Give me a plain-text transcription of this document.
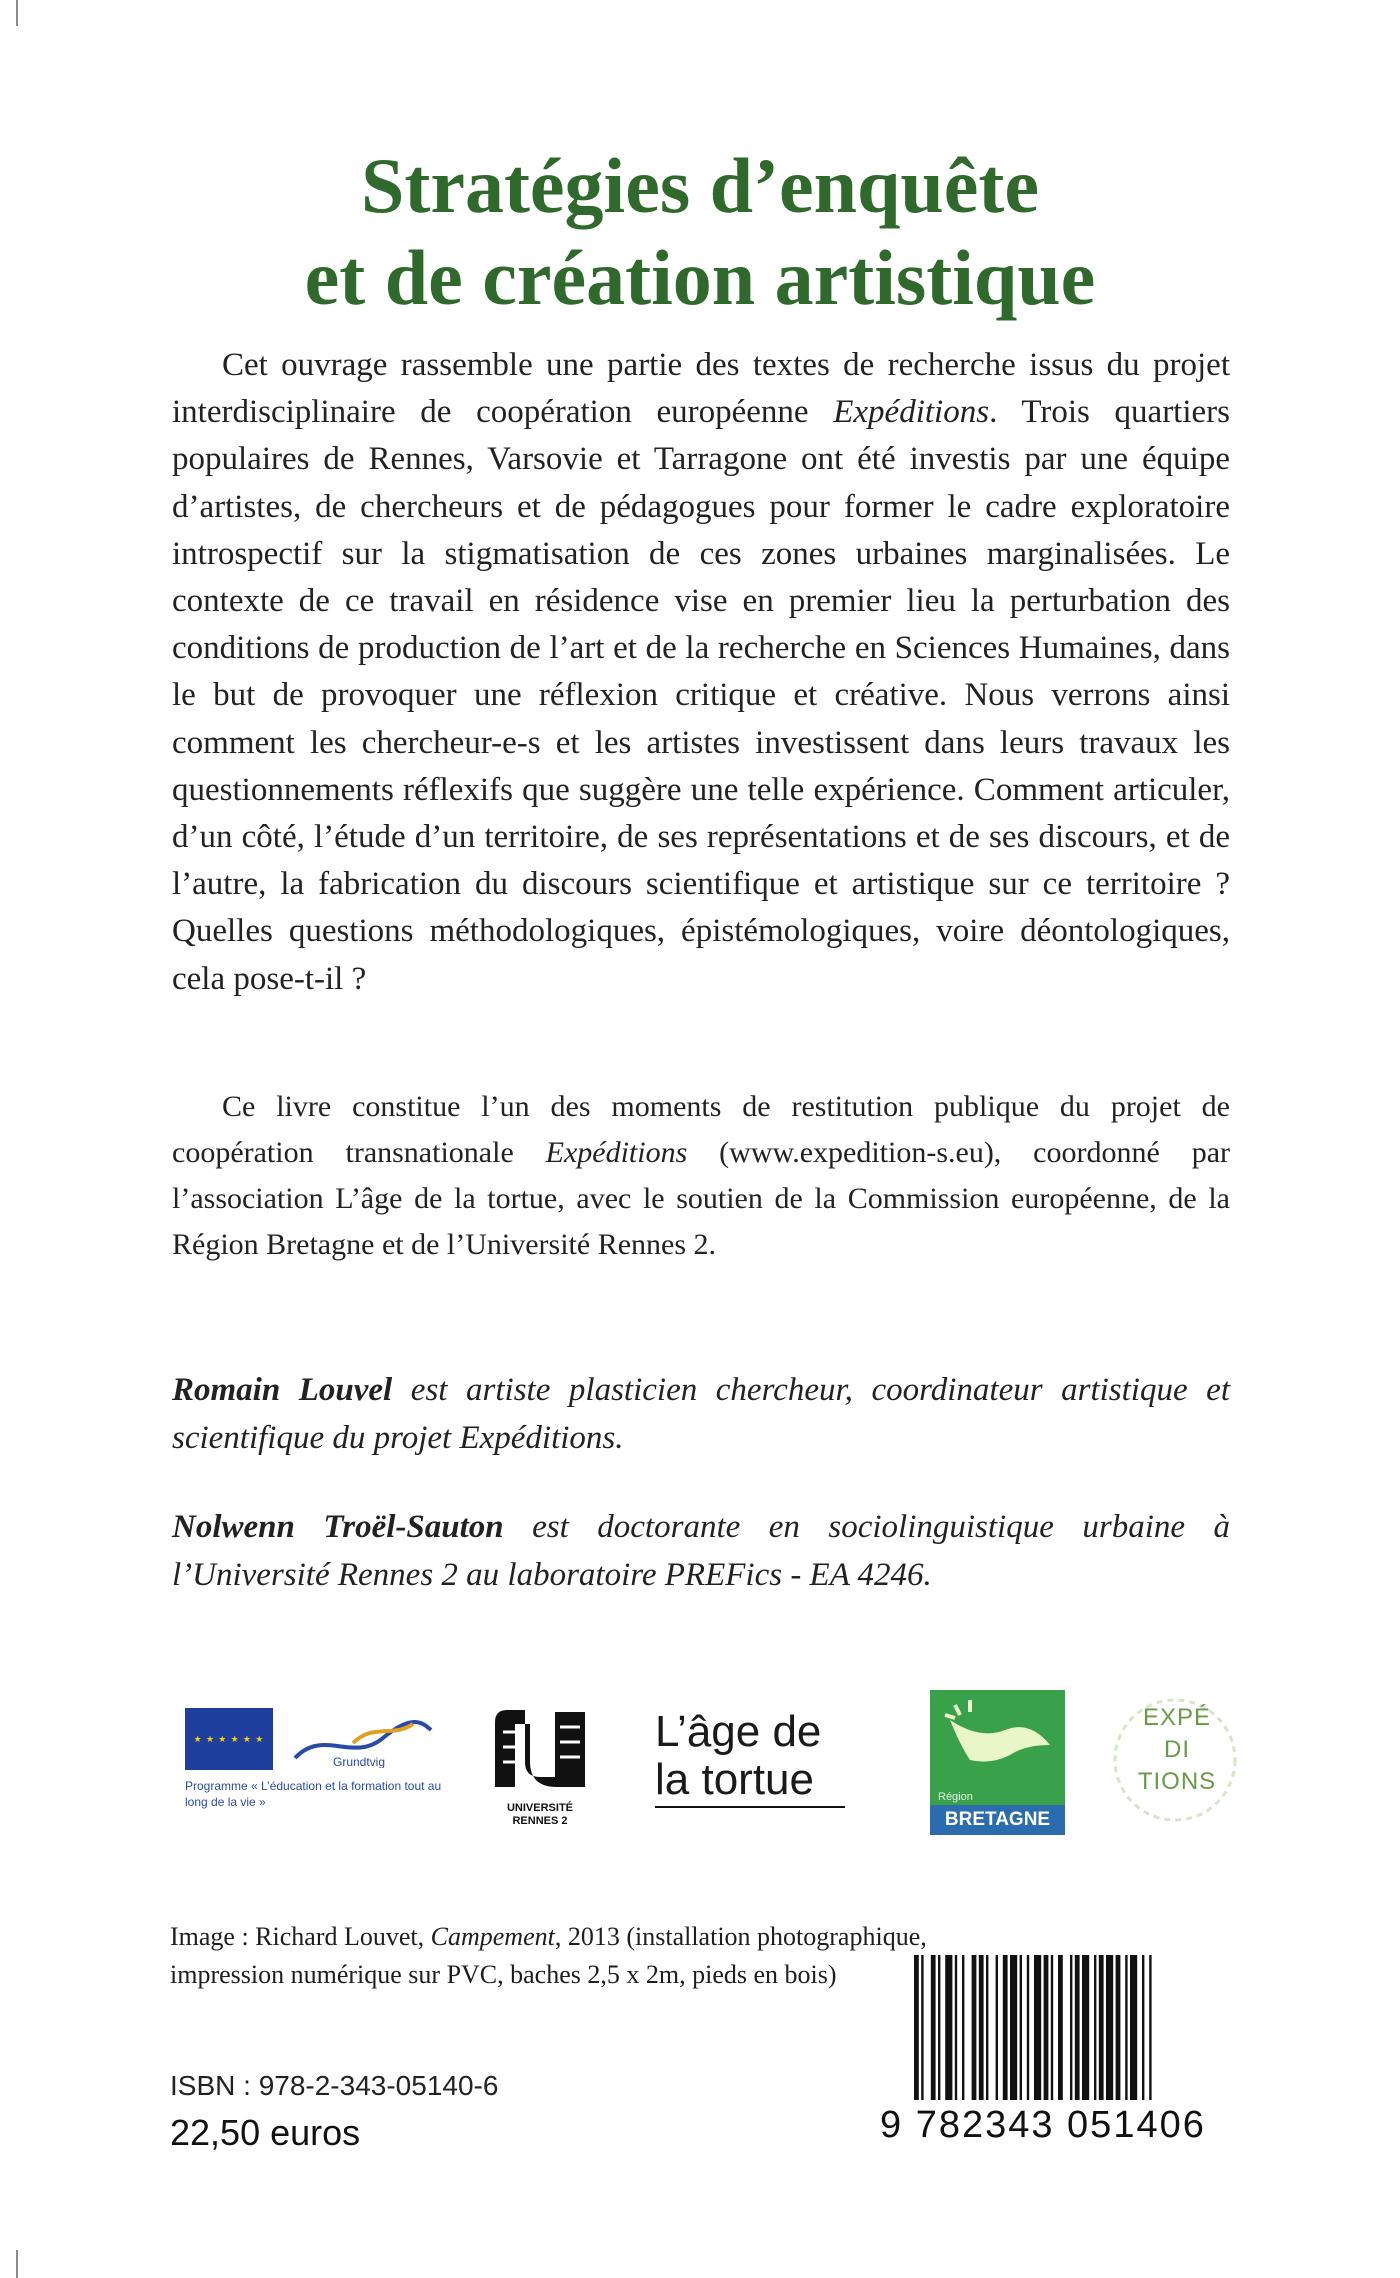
Stratégies d’enquête
et de création artistique

Cet ouvrage rassemble une partie des textes de recherche issus du projet interdisciplinaire de coopération européenne Expéditions. Trois quartiers populaires de Rennes, Varsovie et Tarragone ont été investis par une équipe d’artistes, de chercheurs et de pédagogues pour former le cadre exploratoire introspectif sur la stigmatisation de ces zones urbaines marginalisées. Le contexte de ce travail en résidence vise en premier lieu la perturbation des conditions de production de l’art et de la recherche en Sciences Humaines, dans le but de provoquer une réflexion critique et créative. Nous verrons ainsi comment les chercheur-e-s et les artistes investissent dans leurs travaux les questionnements réflexifs que suggère une telle expérience. Comment articuler, d’un côté, l’étude d’un territoire, de ses représentations et de ses discours, et de l’autre, la fabrication du discours scientifique et artistique sur ce territoire ? Quelles questions méthodologiques, épistémologiques, voire déontologiques, cela pose-t-il ?

Ce livre constitue l’un des moments de restitution publique du projet de coopération transnationale Expéditions (www.expedition-s.eu), coordonné par l’association L’âge de la tortue, avec le soutien de la Commission européenne, de la Région Bretagne et de l’Université Rennes 2.

Romain Louvel est artiste plasticien chercheur, coordinateur artistique et scientifique du projet Expéditions.

Nolwenn Troël-Sauton est doctorante en sociolinguistique urbaine à l’Université Rennes 2 au laboratoire PREFics - EA 4246.

★ ★ ★ ★ ★ ★
Grundtvig
Programme « L’éducation et la formation tout au long de la vie »	UNIVERSITÉ RENNES 2
L’âge de
la tortue	Région
BRETAGNE
EXPÉ
DI
TIONS

Image : Richard Louvet, Campement, 2013 (installation photographique, impression numérique sur PVC, baches 2,5 x 2m, pieds en bois)

ISBN : 978-2-343-05140-6

22,50 euros	9 782343 051406
